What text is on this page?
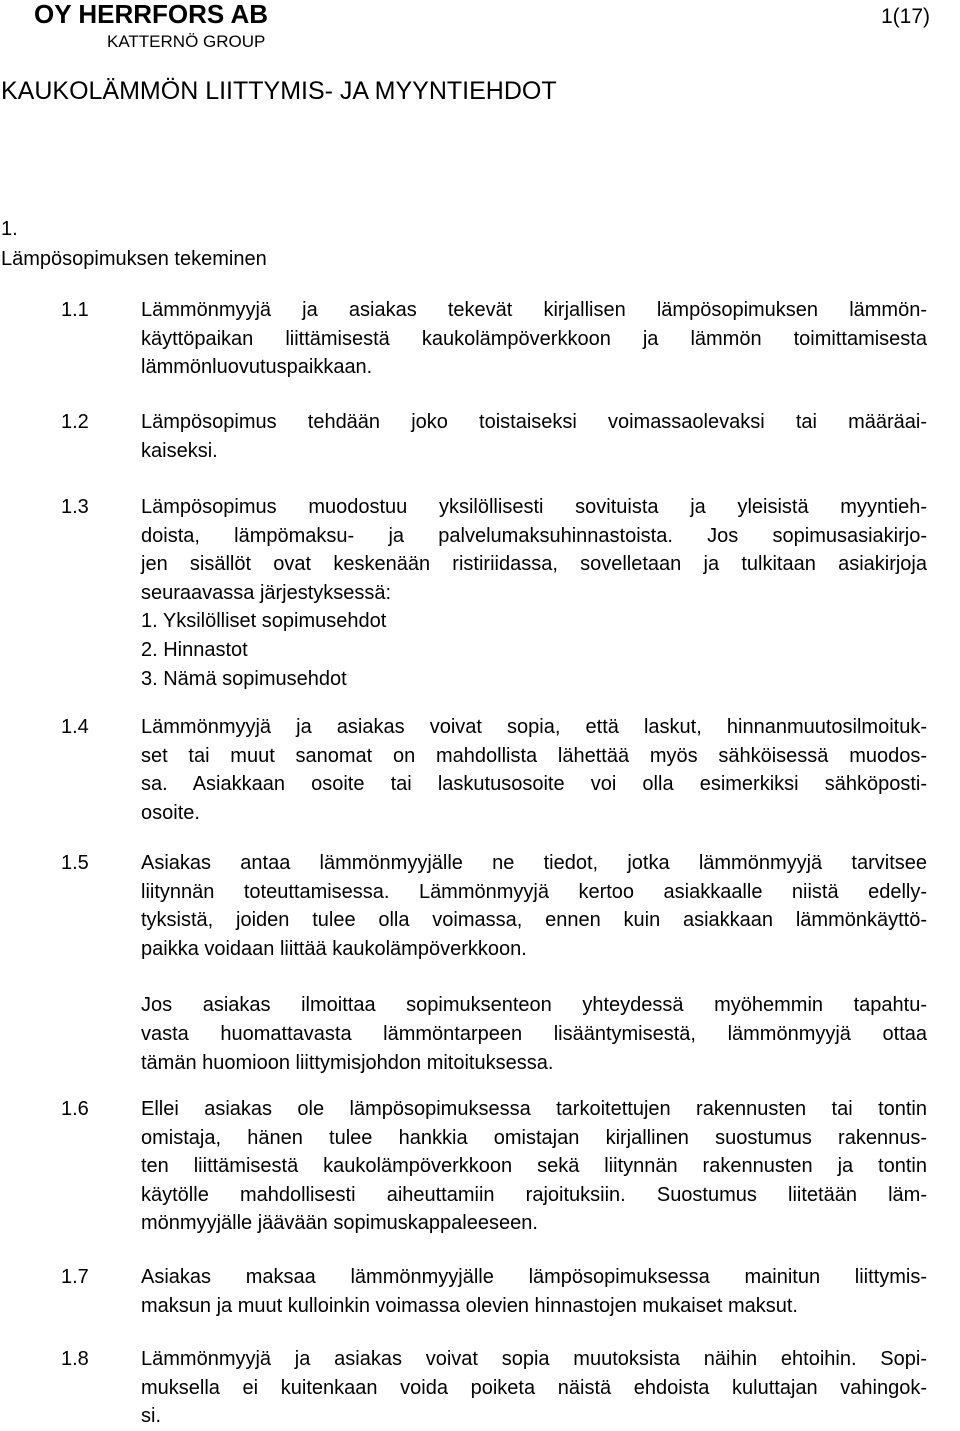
OY HERRFORS AB
KATTERNÖ GROUP
1(17)
KAUKOLÄMMÖN LIITTYMIS- JA MYYNTIEHDOT
1.
Lämpösopimuksen tekeminen
1.1	Lämmönmyyjä ja asiakas tekevät kirjallisen lämpösopimuksen lämmön-
käyttöpaikan liittämisestä kaukolämpöverkkoon ja lämmön toimittamisesta
lämmönluovutuspaikkaan.
1.2	Lämpösopimus tehdään joko toistaiseksi voimassaolevaksi tai määräai-
kaiseksi.
1.3	Lämpösopimus muodostuu yksilöllisesti sovituista ja yleisistä myyntieh-
doista, lämpömaksu- ja palvelumaksuhinnastoista. Jos sopimusasiakirjo-
jen sisällöt ovat keskenään ristiriidassa, sovelletaan ja tulkitaan asiakirjoja
seuraavassa järjestyksessä:
1. Yksilölliset sopimusehdot
2. Hinnastot
3. Nämä sopimusehdot
1.4	Lämmönmyyjä ja asiakas voivat sopia, että laskut, hinnanmuutosilmoituk-
set tai muut sanomat on mahdollista lähettää myös sähköisessä muodos-
sa. Asiakkaan osoite tai laskutusosoite voi olla esimerkiksi sähköposti-
osoite.
1.5	Asiakas antaa lämmönmyyjälle ne tiedot, jotka lämmönmyyjä tarvitsee
liitynnän toteuttamisessa. Lämmönmyyjä kertoo asiakkaalle niistä edelly-
tyksistä, joiden tulee olla voimassa, ennen kuin asiakkaan lämmönkäyttö-
paikka voidaan liittää kaukolämpöverkkoon.
Jos asiakas ilmoittaa sopimuksenteon yhteydessä myöhemmin tapahtu-
vasta huomattavasta lämmöntarpeen lisääntymisestä, lämmönmyyjä ottaa
tämän huomioon liittymisjohdon mitoituksessa.
1.6	Ellei asiakas ole lämpösopimuksessa tarkoitettujen rakennusten tai tontin
omistaja, hänen tulee hankkia omistajan kirjallinen suostumus rakennus-
ten liittämisestä kaukolämpöverkkoon sekä liitynnän rakennusten ja tontin
käytölle mahdollisesti aiheuttamiin rajoituksiin. Suostumus liitetään läm-
mönmyyjälle jäävään sopimuskappaleeseen.
1.7	Asiakas maksaa lämmönmyyjälle lämpösopimuksessa mainitun liittymis-
maksun ja muut kulloinkin voimassa olevien hinnastojen mukaiset maksut.
1.8	Lämmönmyyjä ja asiakas voivat sopia muutoksista näihin ehtoihin. Sopi-
muksella ei kuitenkaan voida poiketa näistä ehdoista kuluttajan vahingok-
si.
